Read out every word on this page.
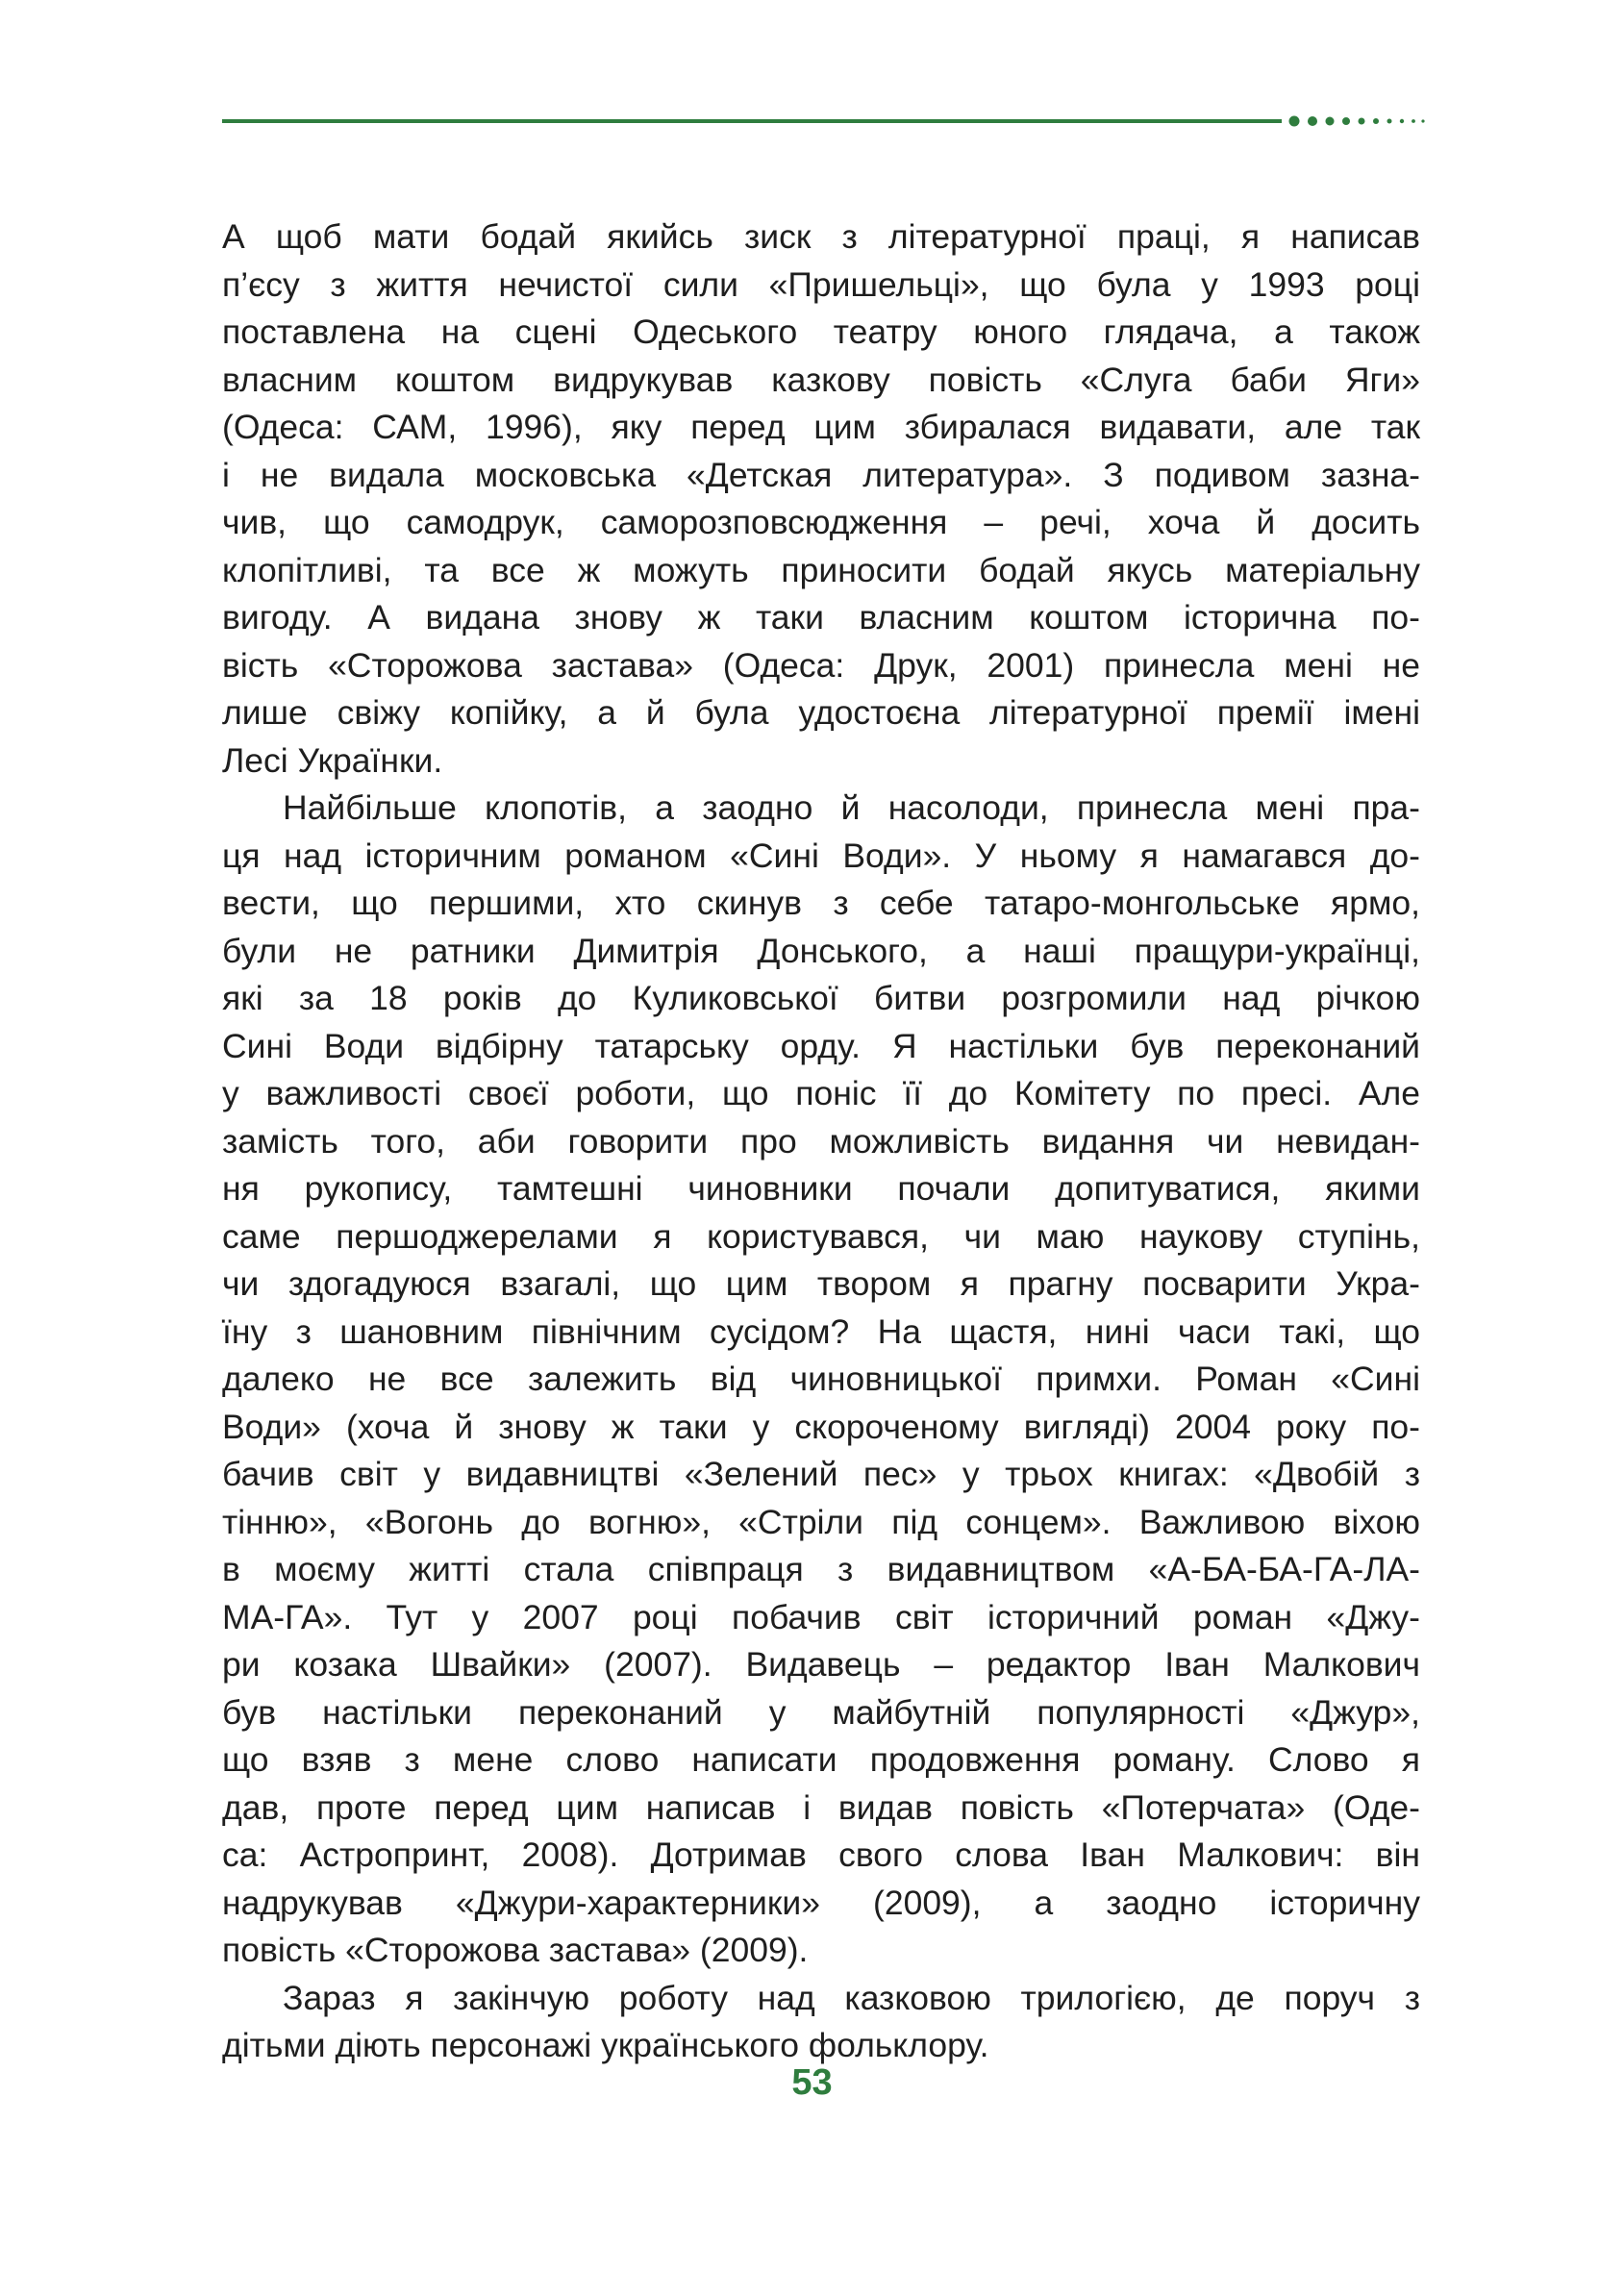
А щоб мати бодай якийсь зиск з літературної праці, я написав
п’єсу з життя нечистої сили «Пришельці», що була у 1993 році
поставлена на сцені Одеського театру юного глядача, а також
власним коштом видрукував казкову повість «Слуга баби Яги»
(Одеса: САМ, 1996), яку перед цим збиралася видавати, але так
і не видала московська «Детская литература». З подивом зазна-
чив, що самодрук, саморозповсюдження – речі, хоча й досить
клопітливі, та все ж можуть приносити бодай якусь матеріальну
вигоду. А видана знову ж таки власним коштом історична по-
вість «Сторожова застава» (Одеса: Друк, 2001) принесла мені не
лише свіжу копійку, а й була удостоєна літературної премії імені
Лесі Українки.
Найбільше клопотів, а заодно й насолоди, принесла мені пра-
ця над історичним романом «Сині Води». У ньому я намагався до-
вести, що першими, хто скинув з себе татаро-монгольське ярмо,
були не ратники Димитрія Донського, а наші пращури-українці,
які за 18 років до Куликовської битви розгромили над річкою
Сині Води відбірну татарську орду. Я настільки був переконаний
у важливості своєї роботи, що поніс її до Комітету по пресі. Але
замість того, аби говорити про можливість видання чи невидан-
ня рукопису, тамтешні чиновники почали допитуватися, якими
саме першоджерелами я користувався, чи маю наукову ступінь,
чи здогадуюся взагалі, що цим твором я прагну посварити Укра-
їну з шановним північним сусідом? На щастя, нині часи такі, що
далеко не все залежить від чиновницької примхи. Роман «Сині
Води» (хоча й знову ж таки у скороченому вигляді) 2004 року по-
бачив світ у видавництві «Зелений пес» у трьох книгах: «Двобій з
тінню», «Вогонь до вогню», «Стріли під сонцем». Важливою віхою
в моєму житті стала співпраця з видавництвом «А-БА-БА-ГА-ЛА-
МА-ГА». Тут у 2007 році побачив світ історичний роман «Джу-
ри козака Швайки» (2007). Видавець – редактор Іван Малкович
був настільки переконаний у майбутній популярності «Джур»,
що взяв з мене слово написати продовження роману. Слово я
дав, проте перед цим написав і видав повість «Потерчата» (Оде-
са: Астропринт, 2008). Дотримав свого слова Іван Малкович: він
надрукував «Джури-характерники» (2009), а заодно історичну
повість «Сторожова застава» (2009).
Зараз я закінчую роботу над казковою трилогією, де поруч з
дітьми діють персонажі українського фольклору.
53
